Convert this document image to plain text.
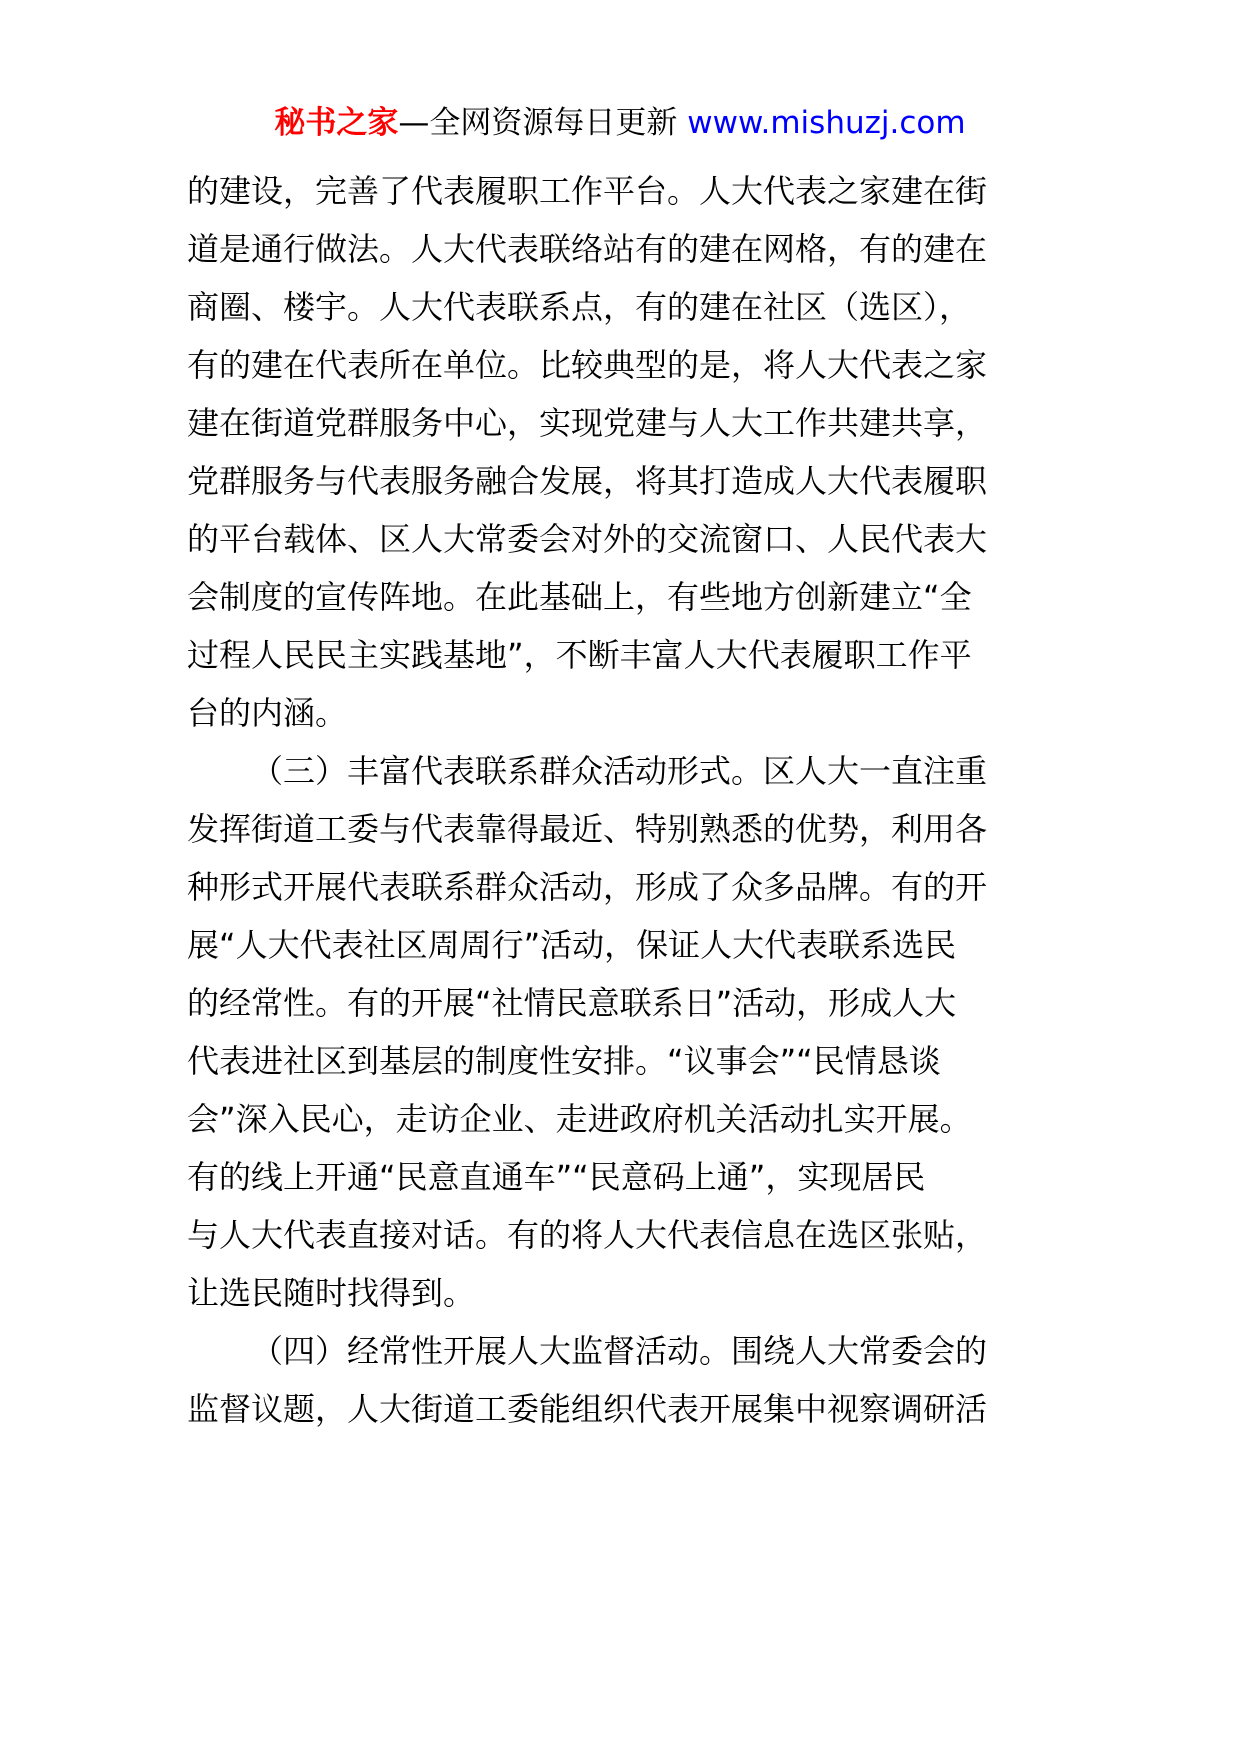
秘书之家—全网资源每日更新 www.mishuzj.com
的建设，完善了代表履职工作平台。人大代表之家建在街
道是通行做法。人大代表联络站有的建在网格，有的建在
商圈、楼宇。人大代表联系点，有的建在社区（选区），
有的建在代表所在单位。比较典型的是，将人大代表之家
建在街道党群服务中心，实现党建与人大工作共建共享，
党群服务与代表服务融合发展，将其打造成人大代表履职
的平台载体、区人大常委会对外的交流窗口、人民代表大
会制度的宣传阵地。在此基础上，有些地方创新建立“全
过程人民民主实践基地”，不断丰富人大代表履职工作平
台的内涵。
（三）丰富代表联系群众活动形式。区人大一直注重
发挥街道工委与代表靠得最近、特别熟悉的优势，利用各
种形式开展代表联系群众活动，形成了众多品牌。有的开
展“人大代表社区周周行”活动，保证人大代表联系选民
的经常性。有的开展“社情民意联系日”活动，形成人大
代表进社区到基层的制度性安排。“议事会”“民情恳谈
会”深入民心，走访企业、走进政府机关活动扎实开展。
有的线上开通“民意直通车”“民意码上通”，实现居民
与人大代表直接对话。有的将人大代表信息在选区张贴，
让选民随时找得到。
（四）经常性开展人大监督活动。围绕人大常委会的
监督议题，人大街道工委能组织代表开展集中视察调研活
